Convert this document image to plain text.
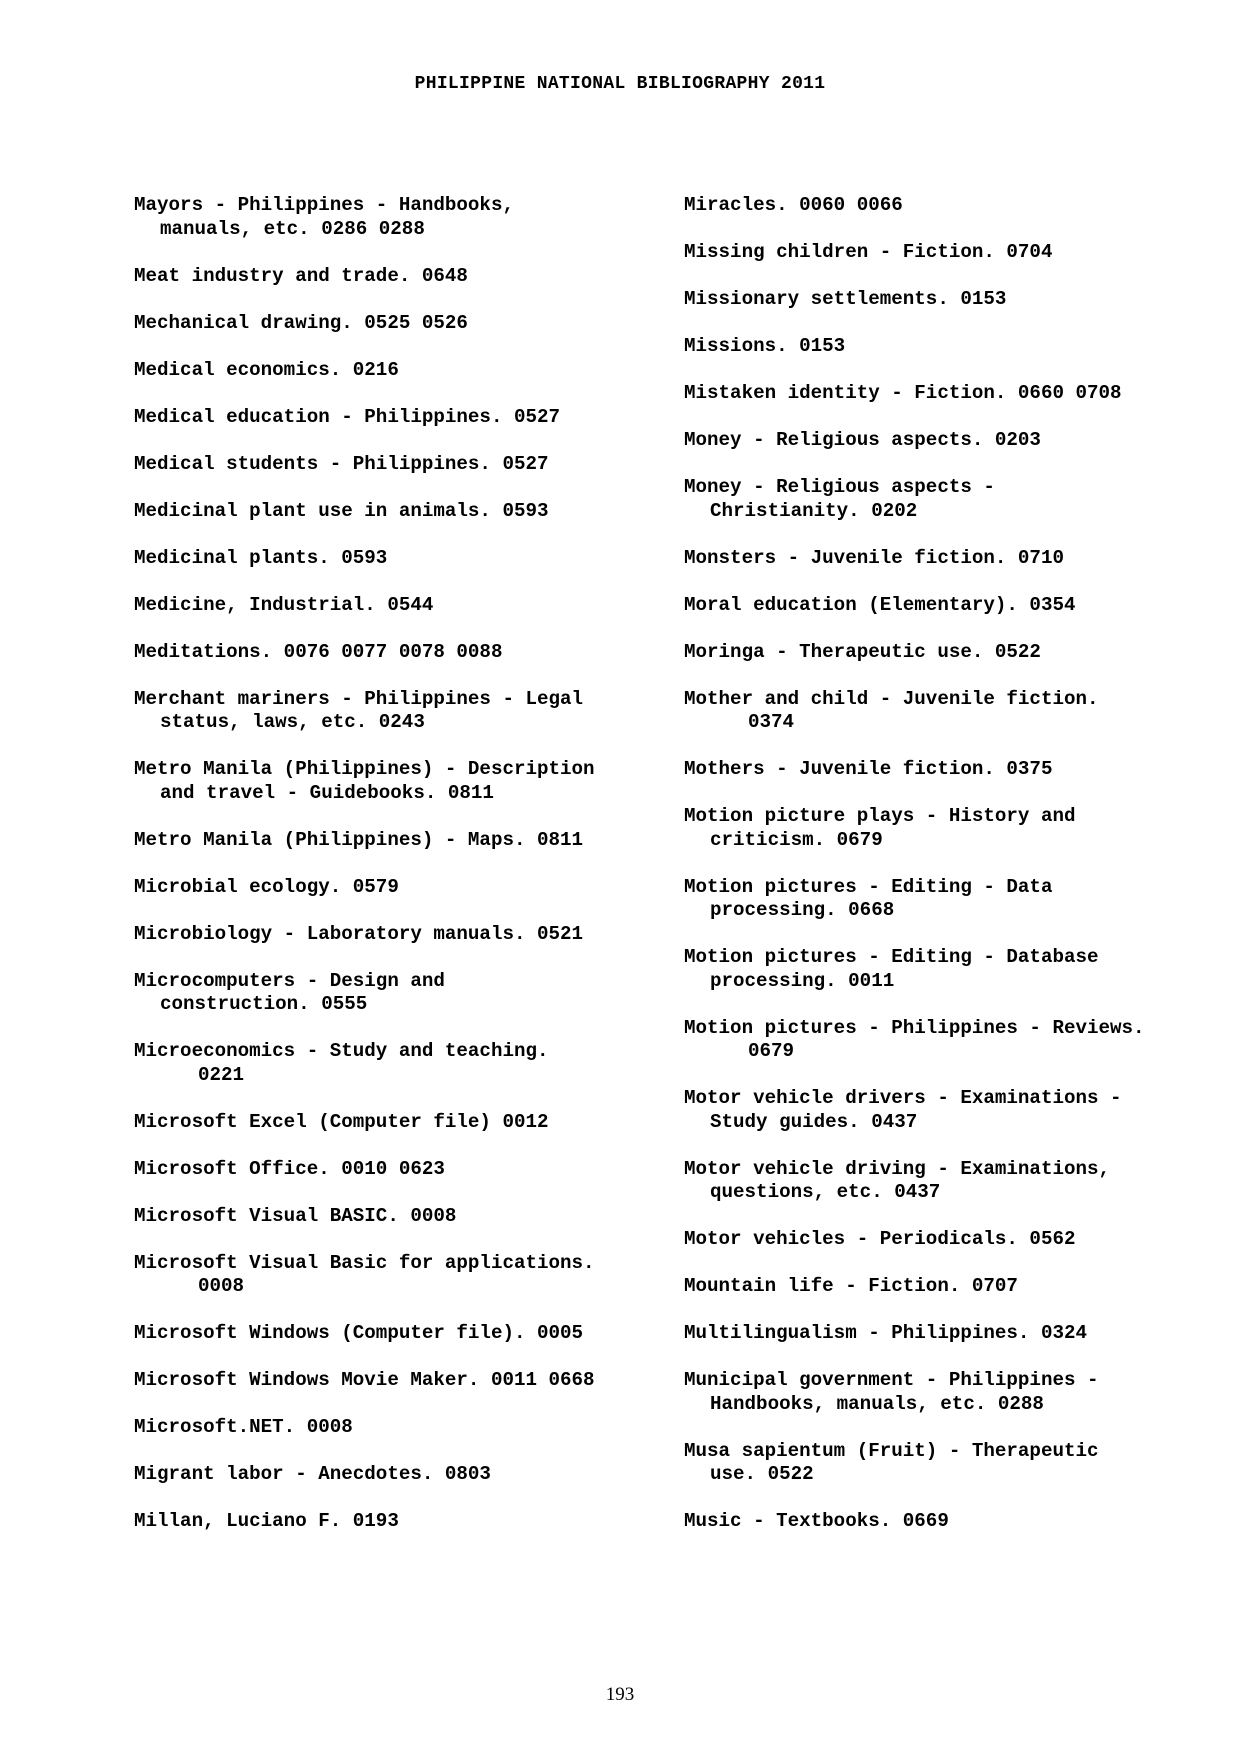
PHILIPPINE NATIONAL BIBLIOGRAPHY 2011
Mayors - Philippines - Handbooks,
manuals, etc. 0286 0288
Meat industry and trade. 0648
Mechanical drawing. 0525 0526
Medical economics. 0216
Medical education - Philippines. 0527
Medical students - Philippines. 0527
Medicinal plant use in animals. 0593
Medicinal plants. 0593
Medicine, Industrial. 0544
Meditations. 0076 0077 0078 0088
Merchant mariners - Philippines - Legal
status, laws, etc. 0243
Metro Manila (Philippines) - Description
and travel - Guidebooks. 0811
Metro Manila (Philippines) - Maps. 0811
Microbial ecology. 0579
Microbiology - Laboratory manuals. 0521
Microcomputers - Design and
construction. 0555
Microeconomics - Study and teaching.
0221
Microsoft Excel (Computer file) 0012
Microsoft Office. 0010 0623
Microsoft Visual BASIC. 0008
Microsoft Visual Basic for applications.
0008
Microsoft Windows (Computer file). 0005
Microsoft Windows Movie Maker. 0011 0668
Microsoft.NET. 0008
Migrant labor - Anecdotes. 0803
Millan, Luciano F. 0193
Miracles. 0060 0066
Missing children - Fiction. 0704
Missionary settlements. 0153
Missions. 0153
Mistaken identity - Fiction. 0660 0708
Money - Religious aspects. 0203
Money - Religious aspects -
Christianity. 0202
Monsters - Juvenile fiction. 0710
Moral education (Elementary). 0354
Moringa - Therapeutic use. 0522
Mother and child - Juvenile fiction.
0374
Mothers - Juvenile fiction. 0375
Motion picture plays - History and
criticism. 0679
Motion pictures - Editing - Data
processing. 0668
Motion pictures - Editing - Database
processing. 0011
Motion pictures - Philippines - Reviews.
0679
Motor vehicle drivers - Examinations -
Study guides. 0437
Motor vehicle driving - Examinations,
questions, etc. 0437
Motor vehicles - Periodicals. 0562
Mountain life - Fiction. 0707
Multilingualism - Philippines. 0324
Municipal government - Philippines -
Handbooks, manuals, etc. 0288
Musa sapientum (Fruit) - Therapeutic
use. 0522
Music - Textbooks. 0669
193
